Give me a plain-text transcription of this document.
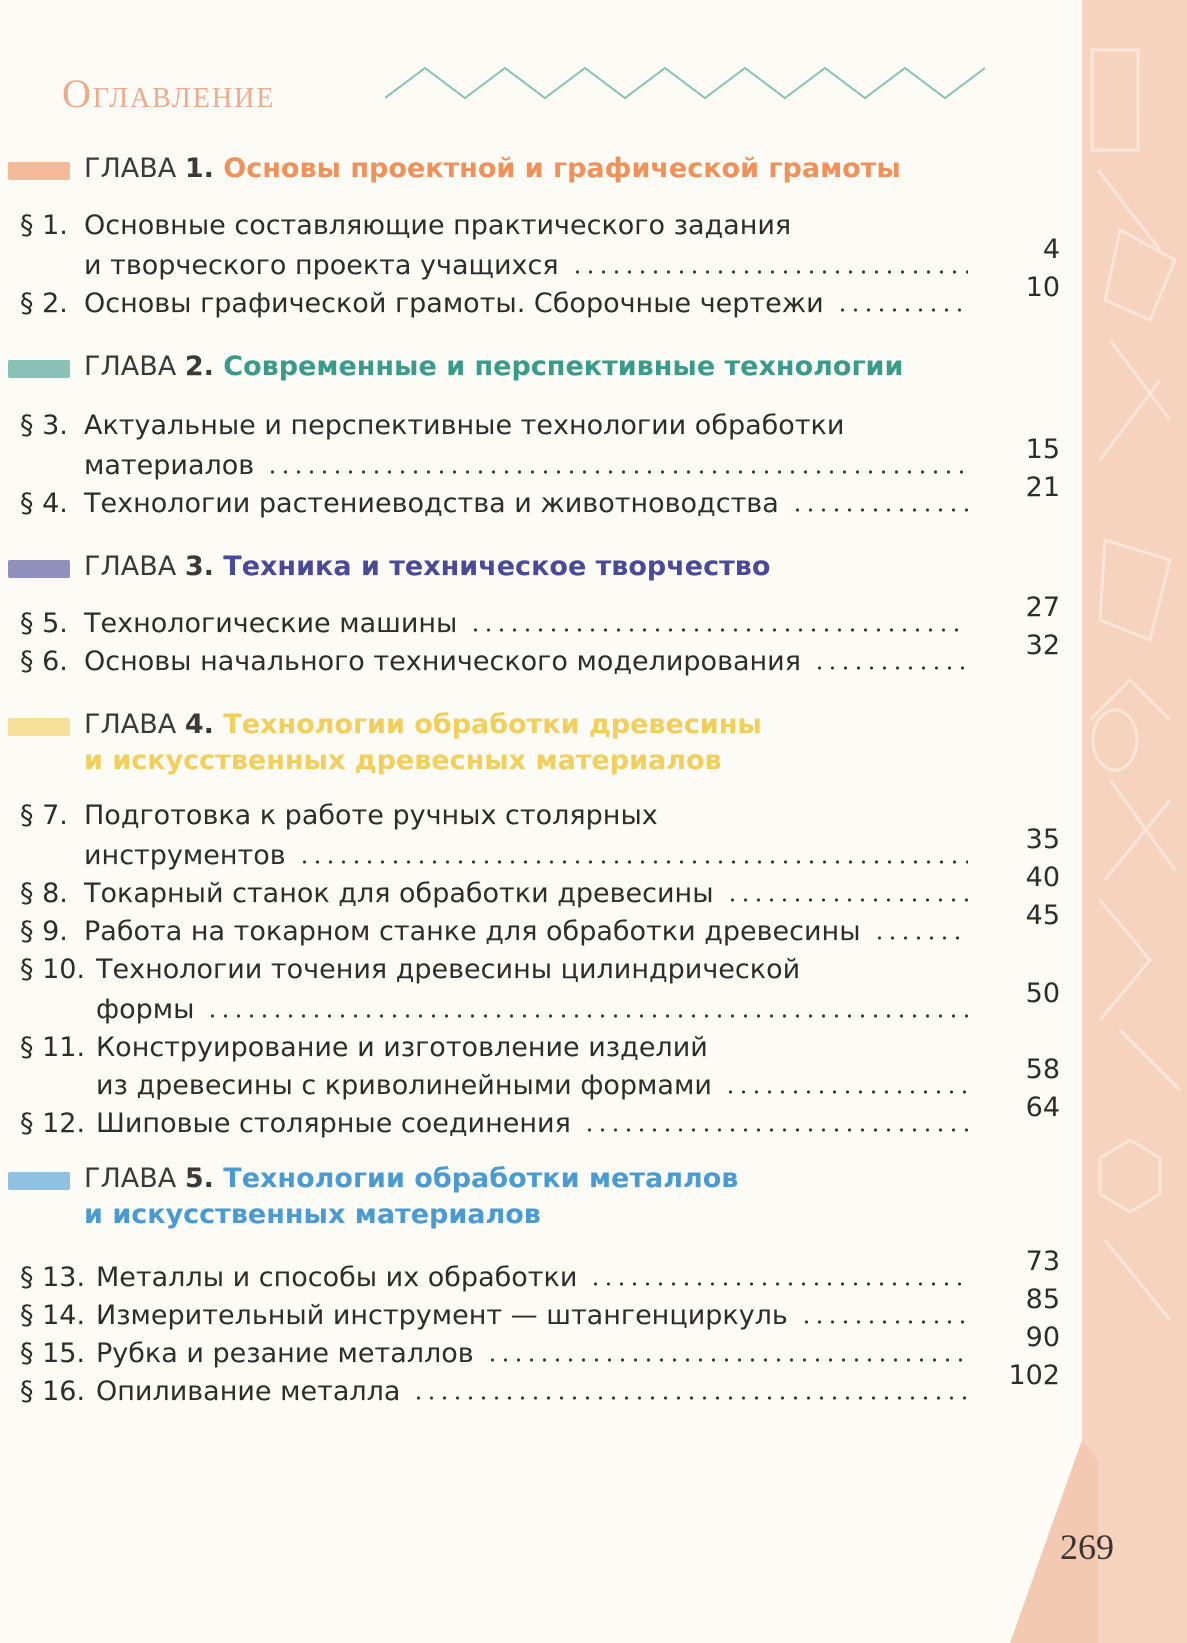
Оглавление
ГЛАВА 1. Основы проектной и графической грамоты
§ 1. Основные составляющие практического задания
и творческого проекта учащихся
4
§ 2. Основы графической грамоты. Сборочные чертежи
10
ГЛАВА 2. Современные и перспективные технологии
§ 3. Актуальные и перспективные технологии обработки
материалов
15
§ 4. Технологии растениеводства и животноводства
21
ГЛАВА 3. Техника и техническое творчество
§ 5. Технологические машины
27
§ 6. Основы начального технического моделирования
32
ГЛАВА 4. Технологии обработки древесины
и искусственных древесных материалов
§ 7. Подготовка к работе ручных столярных
инструментов
35
§ 8. Токарный станок для обработки древесины
40
§ 9. Работа на токарном станке для обработки древесины
45
§ 10. Технологии точения древесины цилиндрической
формы
50
§ 11. Конструирование и изготовление изделий
из древесины с криволинейными формами
58
§ 12. Шиповые столярные соединения
64
ГЛАВА 5. Технологии обработки металлов
и искусственных материалов
§ 13. Металлы и способы их обработки
73
§ 14. Измерительный инструмент — штангенциркуль
85
§ 15. Рубка и резание металлов
90
§ 16. Опиливание металла
102
269
